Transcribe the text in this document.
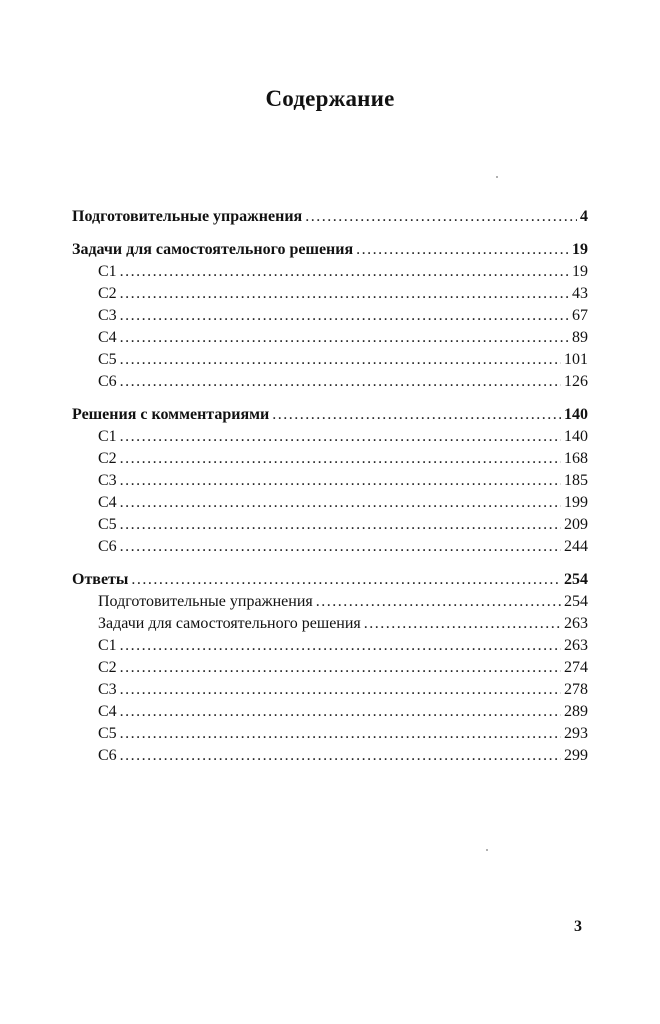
Содержание
Подготовительные упражнения .....	4
Задачи для самостоятельного решения .....	19
С1 .....	19
С2 .....	43
С3 .....	67
С4 .....	89
С5 .....	101
С6 .....	126
Решения с комментариями .....	140
С1 .....	140
С2 .....	168
С3 .....	185
С4 .....	199
С5 .....	209
С6 .....	244
Ответы .....	254
Подготовительные упражнения .....	254
Задачи для самостоятельного решения .....	263
С1 .....	263
С2 .....	274
С3 .....	278
С4 .....	289
С5 .....	293
С6 .....	299
3
